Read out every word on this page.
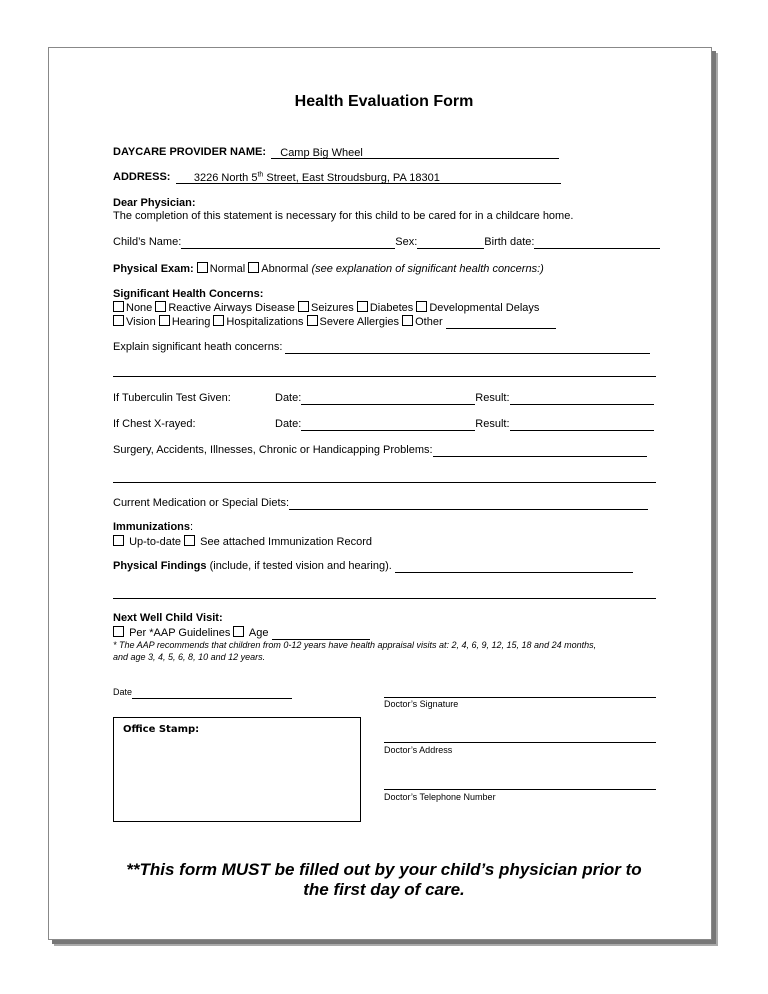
Health Evaluation Form
DAYCARE PROVIDER NAME: Camp Big Wheel
ADDRESS: 3226 North 5th Street, East Stroudsburg, PA 18301
Dear Physician:
The completion of this statement is necessary for this child to be cared for in a childcare home.
Child’s Name:	Sex:	Birth date:
Physical Exam: Normal Abnormal (see explanation of significant health concerns:)
Significant Health Concerns:
None Reactive Airways Disease Seizures Diabetes Developmental Delays
Vision Hearing Hospitalizations Severe Allergies Other
Explain significant heath concerns:
If Tuberculin Test Given:	Date:	Result:
If Chest X-rayed:	Date:	Result:
Surgery, Accidents, Illnesses, Chronic or Handicapping Problems:
Current Medication or Special Diets:
Immunizations:
Up-to-date See attached Immunization Record
Physical Findings (include, if tested vision and hearing).
Next Well Child Visit:
Per *AAP Guidelines Age
* The AAP recommends that children from 0-12 years have health appraisal visits at: 2, 4, 6, 9, 12, 15, 18 and 24 months,
and age 3, 4, 5, 6, 8, 10 and 12 years.
Date
Doctor’s Signature
Office Stamp:
Doctor’s Address
Doctor’s Telephone Number
**This form MUST be filled out by your child’s physician prior to
the first day of care.
